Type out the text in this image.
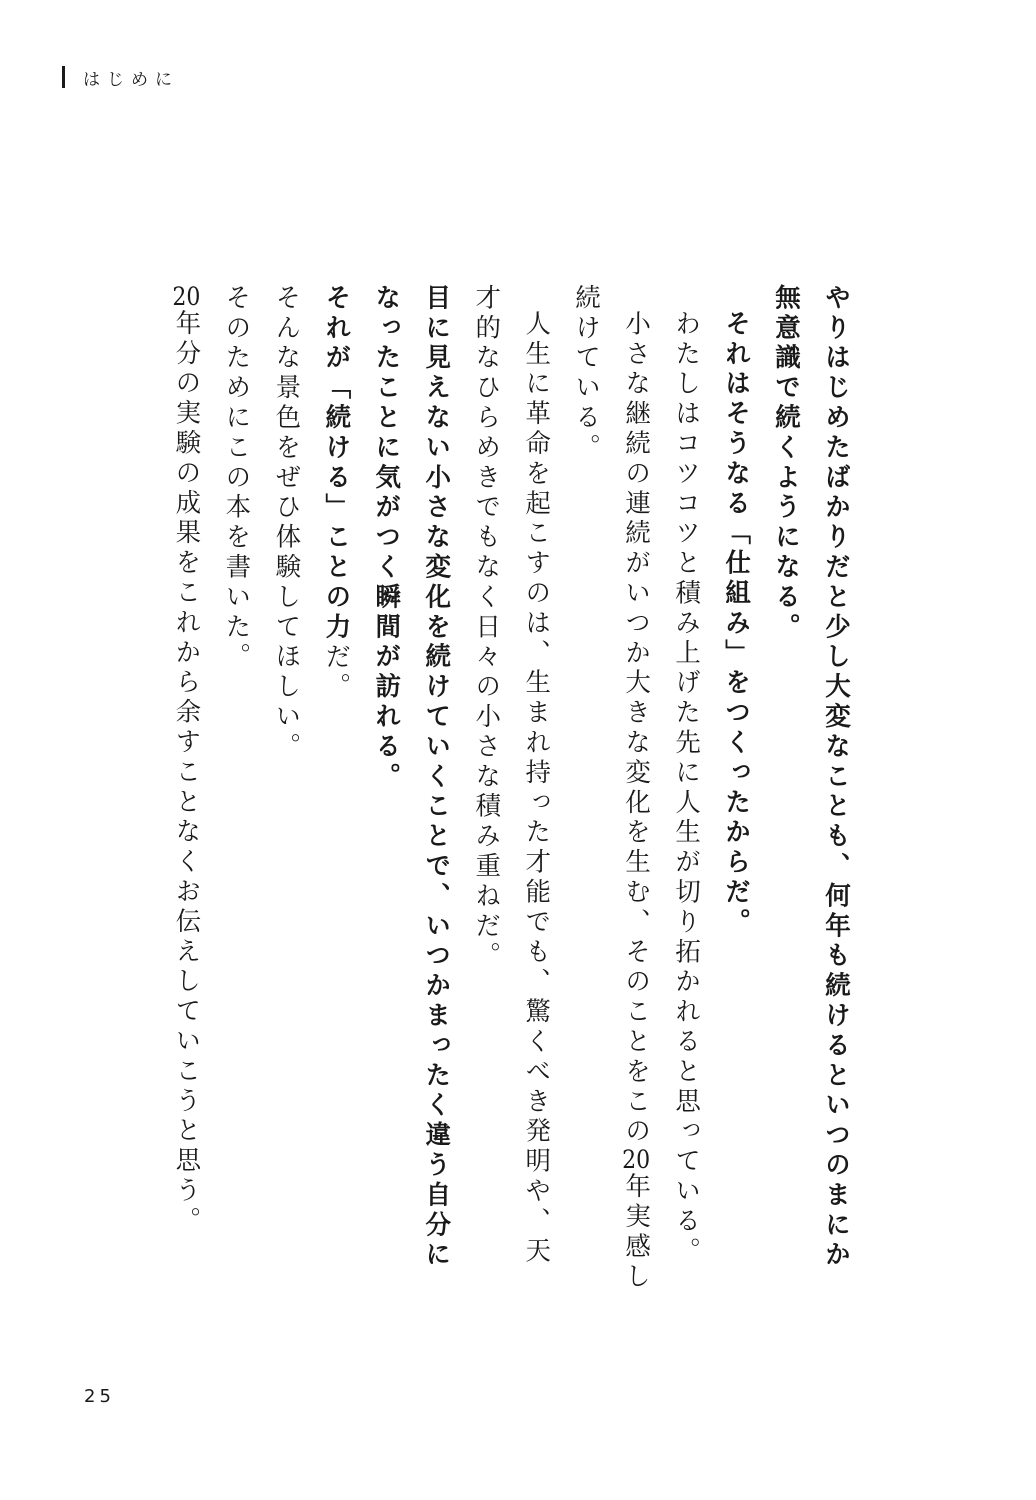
はじめに

やりはじめたばかりだと少し大変なことも、何年も続けるといつのまにか無意識で続くようになる。

それはそうなる「仕組み」をつくったからだ。

わたしはコツコツと積み上げた先に人生が切り拓かれると思っている。

小さな継続の連続がいつか大きな変化を生む、そのことをこの20年実感し続けている。

人生に革命を起こすのは、生まれ持った才能でも、驚くべき発明や、天才的なひらめきでもなく日々の小さな積み重ねだ。

目に見えない小さな変化を続けていくことで、いつかまったく違う自分になったことに気がつく瞬間が訪れる。

それが「続ける」ことの力だ。

そんな景色をぜひ体験してほしい。

そのためにこの本を書いた。

20年分の実験の成果をこれから余すことなくお伝えしていこうと思う。

25
